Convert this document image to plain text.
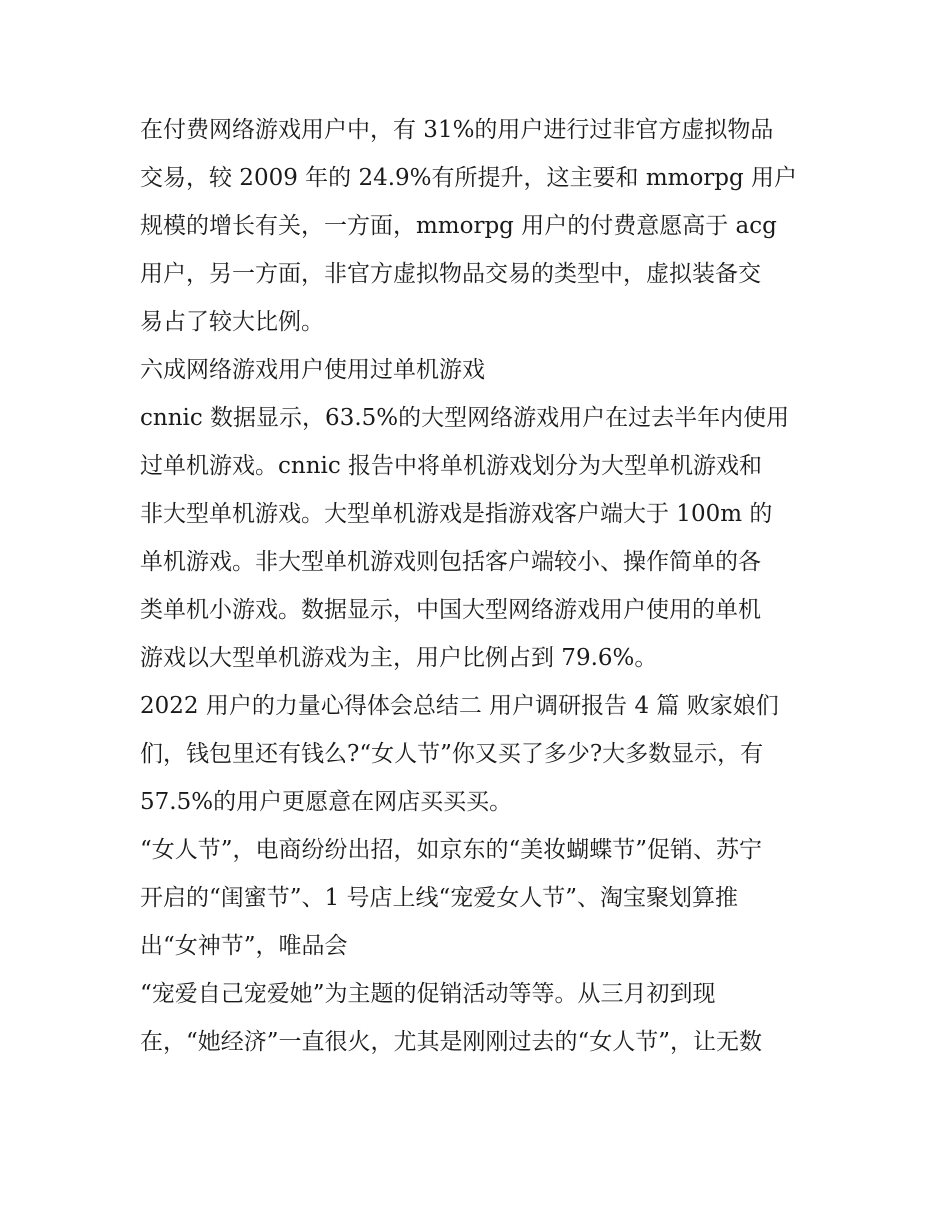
在付费网络游戏用户中，有 31%的用户进行过非官方虚拟物品
交易，较 2009 年的 24.9%有所提升，这主要和 mmorpg 用户
规模的增长有关，一方面，mmorpg 用户的付费意愿高于 acg
用户，另一方面，非官方虚拟物品交易的类型中，虚拟装备交
易占了较大比例。

六成网络游戏用户使用过单机游戏

cnnic 数据显示，63.5%的大型网络游戏用户在过去半年内使用
过单机游戏。cnnic 报告中将单机游戏划分为大型单机游戏和
非大型单机游戏。大型单机游戏是指游戏客户端大于 100m 的
单机游戏。非大型单机游戏则包括客户端较小、操作简单的各
类单机小游戏。数据显示，中国大型网络游戏用户使用的单机
游戏以大型单机游戏为主，用户比例占到 79.6%。

2022 用户的力量心得体会总结二 用户调研报告 4 篇 败家娘们
们，钱包里还有钱么?“女人节”你又买了多少?大多数显示，有
57.5%的用户更愿意在网店买买买。

“女人节”，电商纷纷出招，如京东的“美妆蝴蝶节”促销、苏宁
开启的“闺蜜节”、1 号店上线“宠爱女人节”、淘宝聚划算推
出“女神节”，唯品会

“宠爱自己宠爱她”为主题的促销活动等等。从三月初到现
在，“她经济”一直很火，尤其是刚刚过去的“女人节”，让无数
